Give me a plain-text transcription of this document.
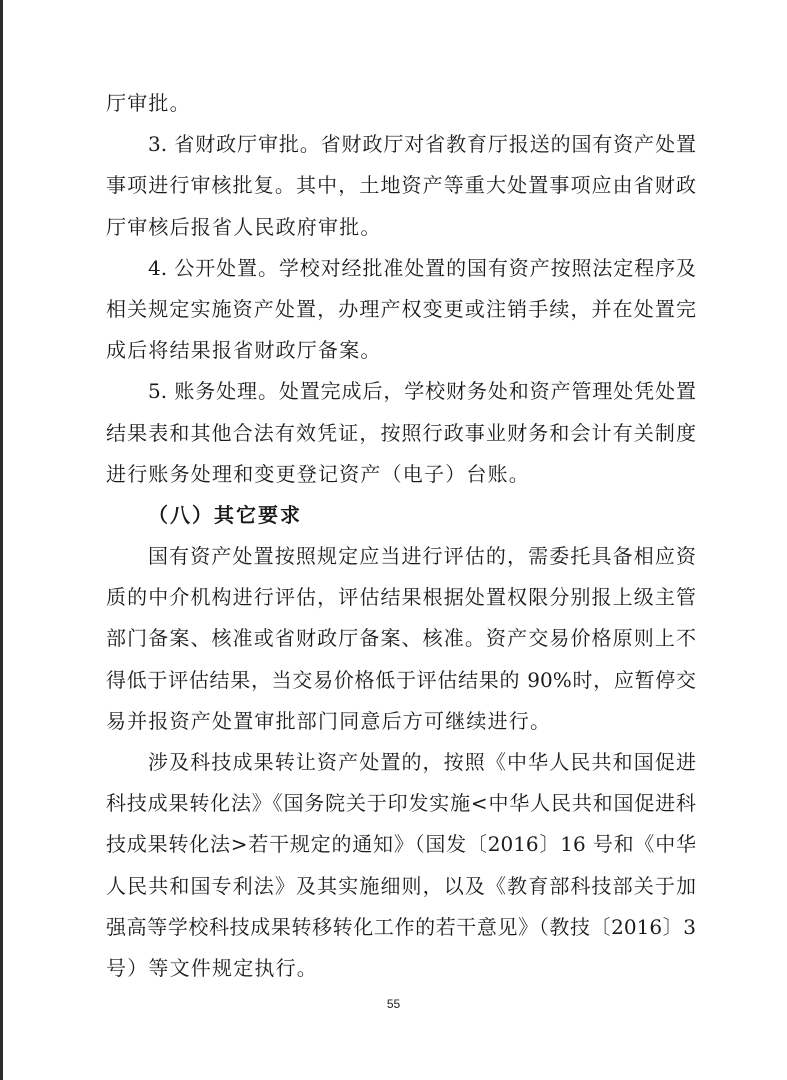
厅审批。
3. 省财政厅审批。省财政厅对省教育厅报送的国有资产处置
事项进行审核批复。其中，土地资产等重大处置事项应由省财政
厅审核后报省人民政府审批。
4. 公开处置。学校对经批准处置的国有资产按照法定程序及
相关规定实施资产处置，办理产权变更或注销手续，并在处置完
成后将结果报省财政厅备案。
5. 账务处理。处置完成后，学校财务处和资产管理处凭处置
结果表和其他合法有效凭证，按照行政事业财务和会计有关制度
进行账务处理和变更登记资产（电子）台账。
（八）其它要求
国有资产处置按照规定应当进行评估的，需委托具备相应资
质的中介机构进行评估，评估结果根据处置权限分别报上级主管
部门备案、核准或省财政厅备案、核准。资产交易价格原则上不
得低于评估结果，当交易价格低于评估结果的 90%时，应暂停交
易并报资产处置审批部门同意后方可继续进行。
涉及科技成果转让资产处置的，按照《中华人民共和国促进
科技成果转化法》《国务院关于印发实施<中华人民共和国促进科
技成果转化法>若干规定的通知》（国发〔2016〕16 号和《中华
人民共和国专利法》及其实施细则，以及《教育部科技部关于加
强高等学校科技成果转移转化工作的若干意见》（教技〔2016〕3
号）等文件规定执行。
55
